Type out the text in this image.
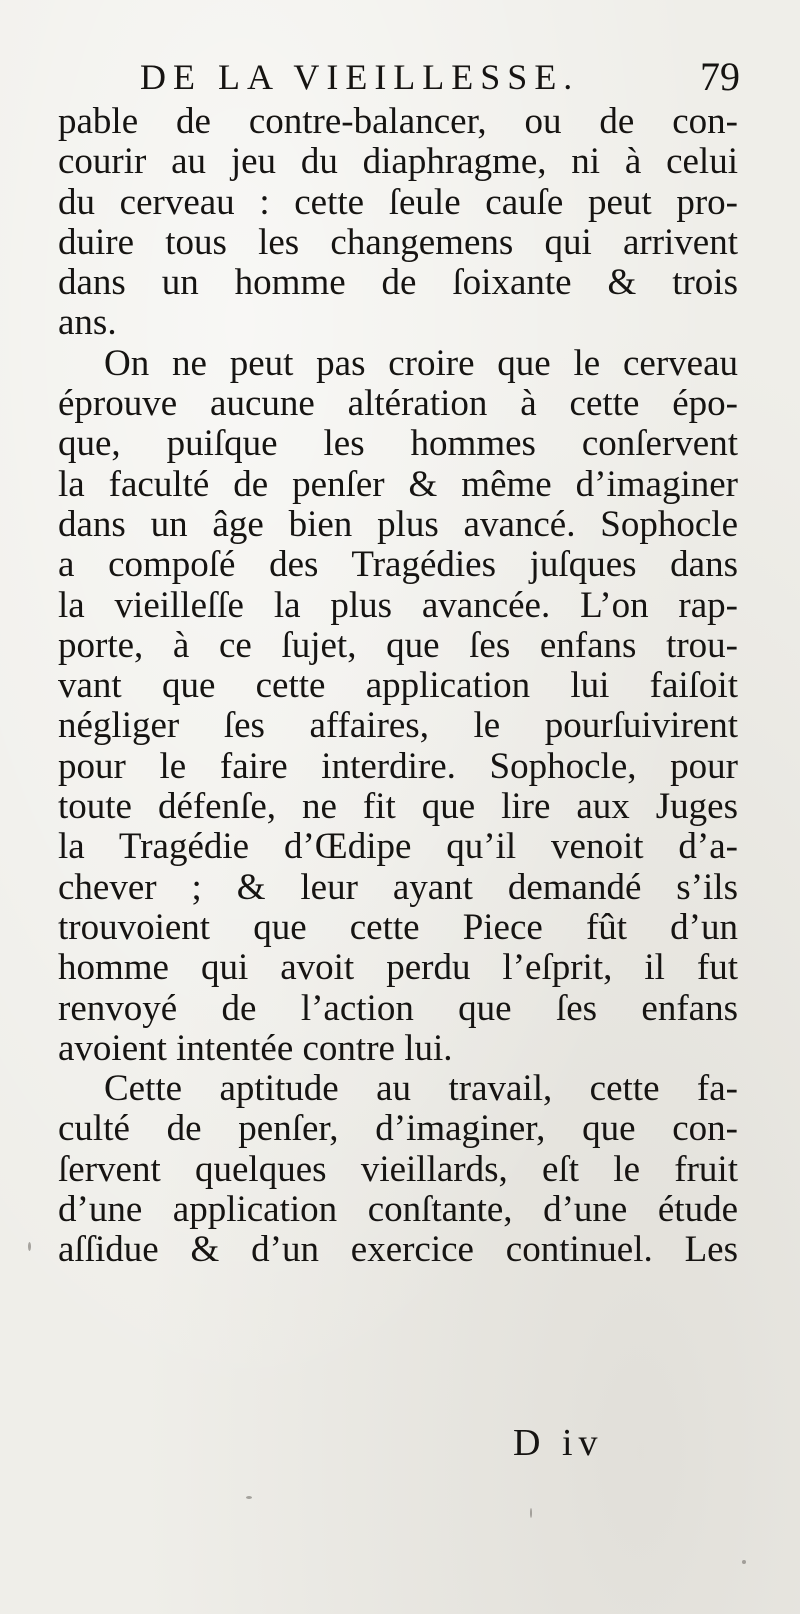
DE LA VIEILLESSE.	79
pable de contre-balancer, ou de con-
courir au jeu du diaphragme, ni à celui
du cerveau : cette ſeule cauſe peut pro-
duire tous les changemens qui arrivent
dans un homme de ſoixante & trois
ans.
On ne peut pas croire que le cerveau
éprouve aucune altération à cette épo-
que, puiſque les hommes conſervent
la faculté de penſer & même d’imaginer
dans un âge bien plus avancé. Sophocle
a compoſé des Tragédies juſques dans
la vieilleſſe la plus avancée. L’on rap-
porte, à ce ſujet, que ſes enfans trou-
vant que cette application lui faiſoit
négliger ſes affaires, le pourſuivirent
pour le faire interdire. Sophocle, pour
toute défenſe, ne fit que lire aux Juges
la Tragédie d’Œdipe qu’il venoit d’a-
chever ; & leur ayant demandé s’ils
trouvoient que cette Piece fût d’un
homme qui avoit perdu l’eſprit, il fut
renvoyé de l’action que ſes enfans
avoient intentée contre lui.
Cette aptitude au travail, cette fa-
culté de penſer, d’imaginer, que con-
ſervent quelques vieillards, eſt le fruit
d’une application conſtante, d’une étude
aſſidue & d’un exercice continuel. Les
D iv
